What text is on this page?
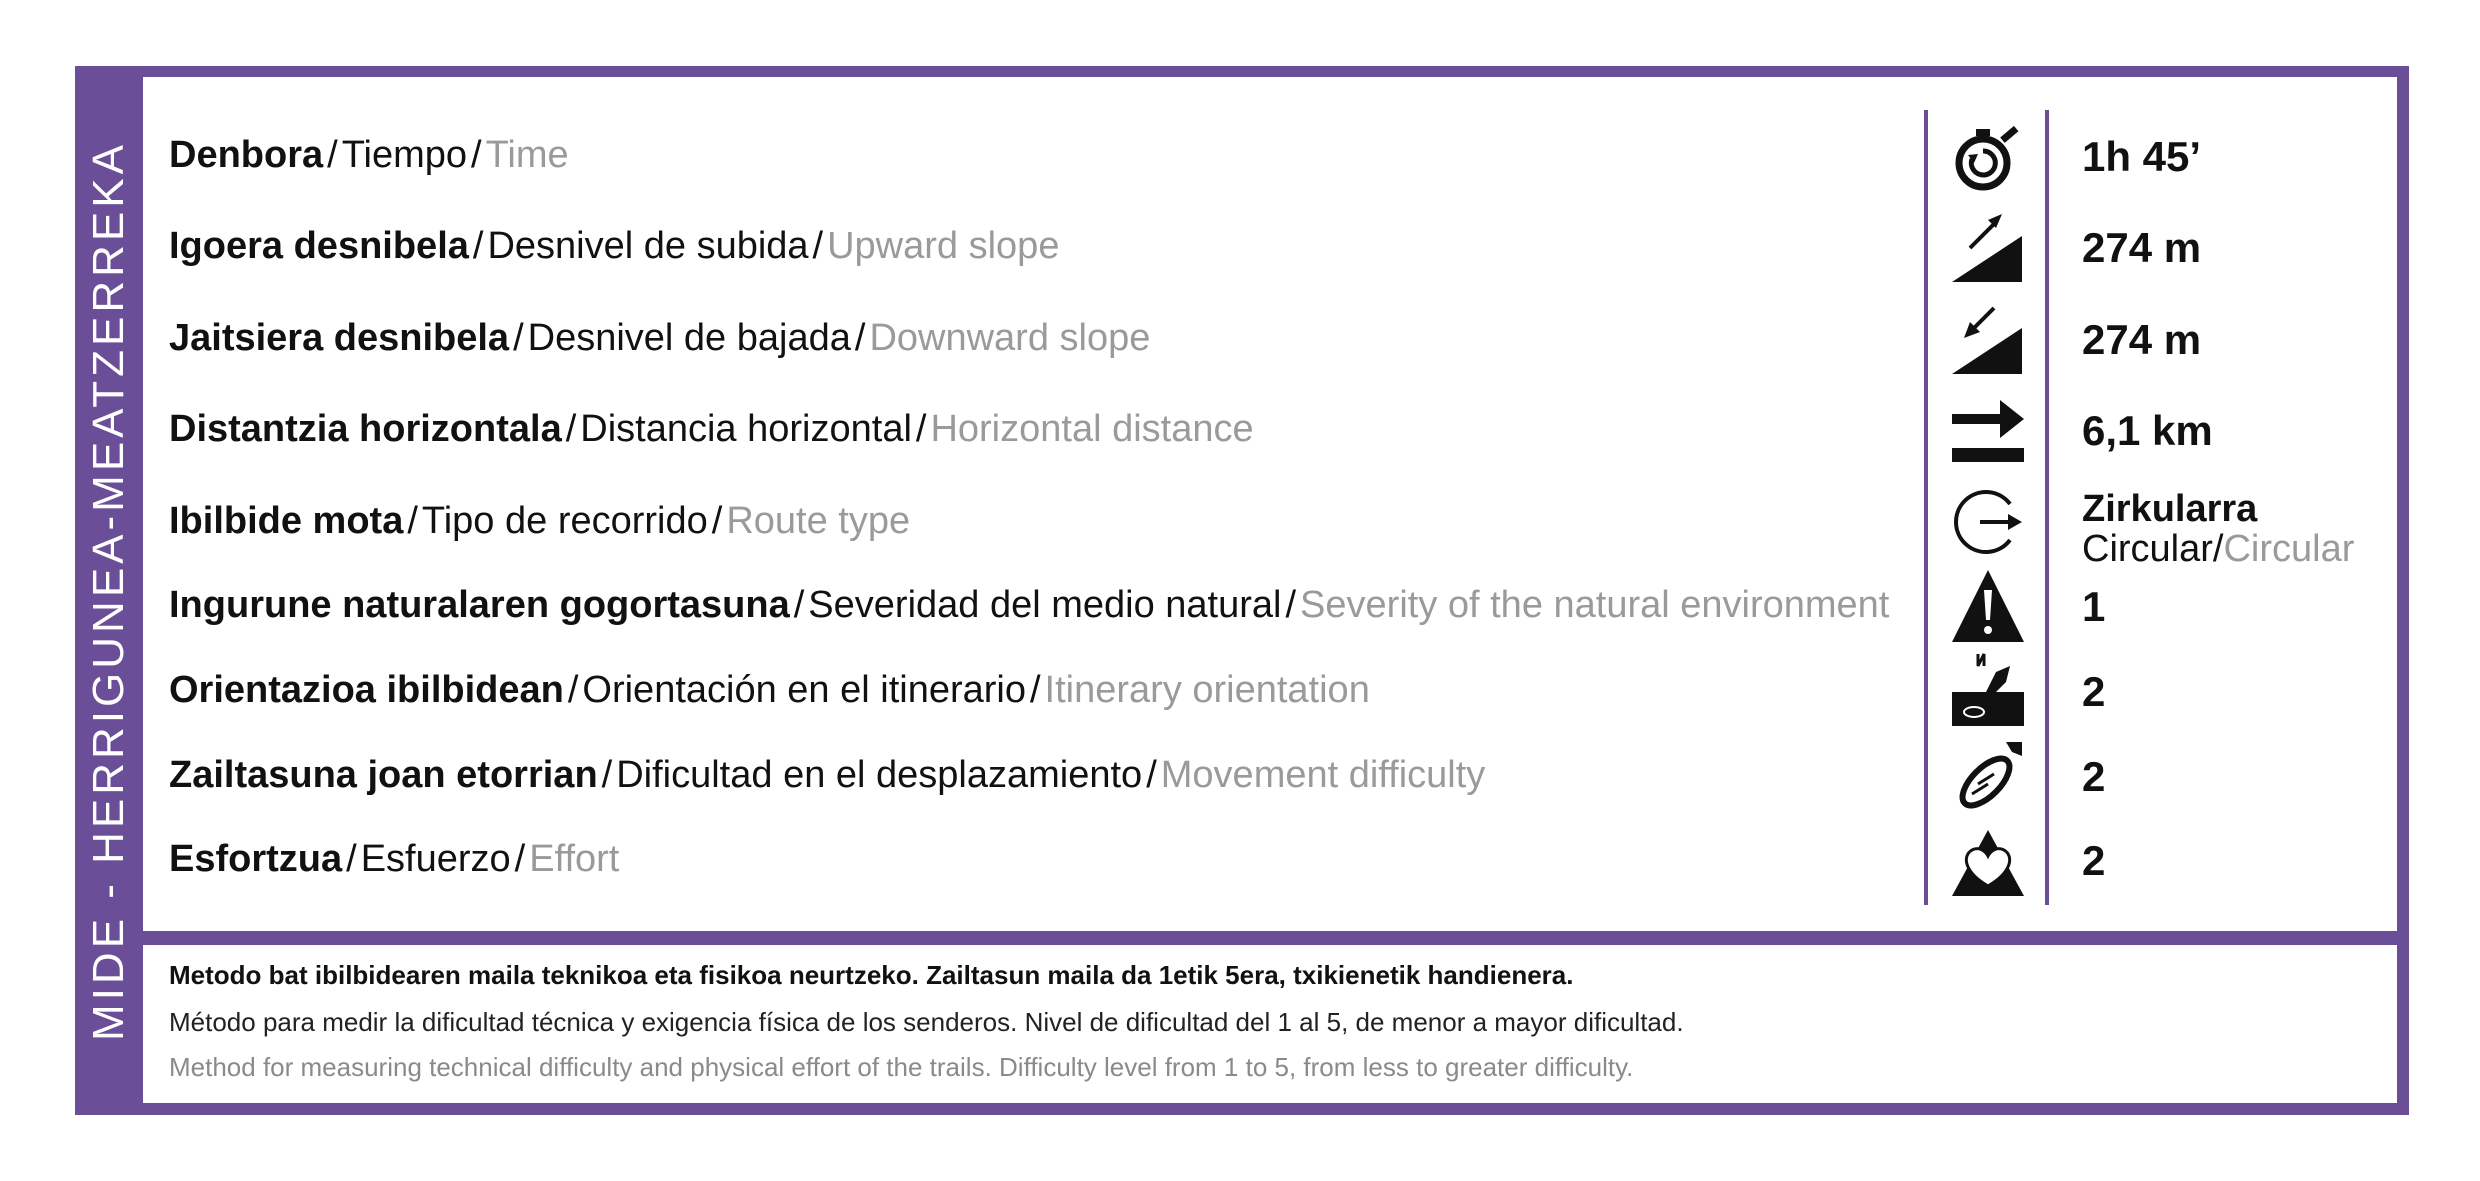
MIDE - HERRIGUNEA-MEATZERREKA Denbora / Tiempo / Time	1h 45’
Igoera desnibela / Desnivel de subida / Upward slope	274 m
Jaitsiera desnibela / Desnivel de bajada / Downward slope	274 m
Distantzia horizontala / Distancia horizontal / Horizontal distance	6,1 km
Ibilbide mota / Tipo de recorrido / Route type	Zirkularra
Circular/Circular
Ingurune naturalaren gogortasuna / Severidad del medio natural / Severity of the natural environment	1
Orientazioa ibilbidean / Orientación en el itinerario / Itinerary orientation	2
Zailtasuna joan etorrian / Dificultad en el desplazamiento / Movement difficulty	2
Esfortzua / Esfuerzo / Effort	2
Metodo bat ibilbidearen maila teknikoa eta fisikoa neurtzeko. Zailtasun maila da 1etik 5era, txikienetik handienera.
Método para medir la dificultad técnica y exigencia física de los senderos. Nivel de dificultad del 1 al 5, de menor a mayor dificultad.
Method for measuring technical difficulty and physical effort of the trails. Difficulty level from 1 to 5, from less to greater difficulty.
